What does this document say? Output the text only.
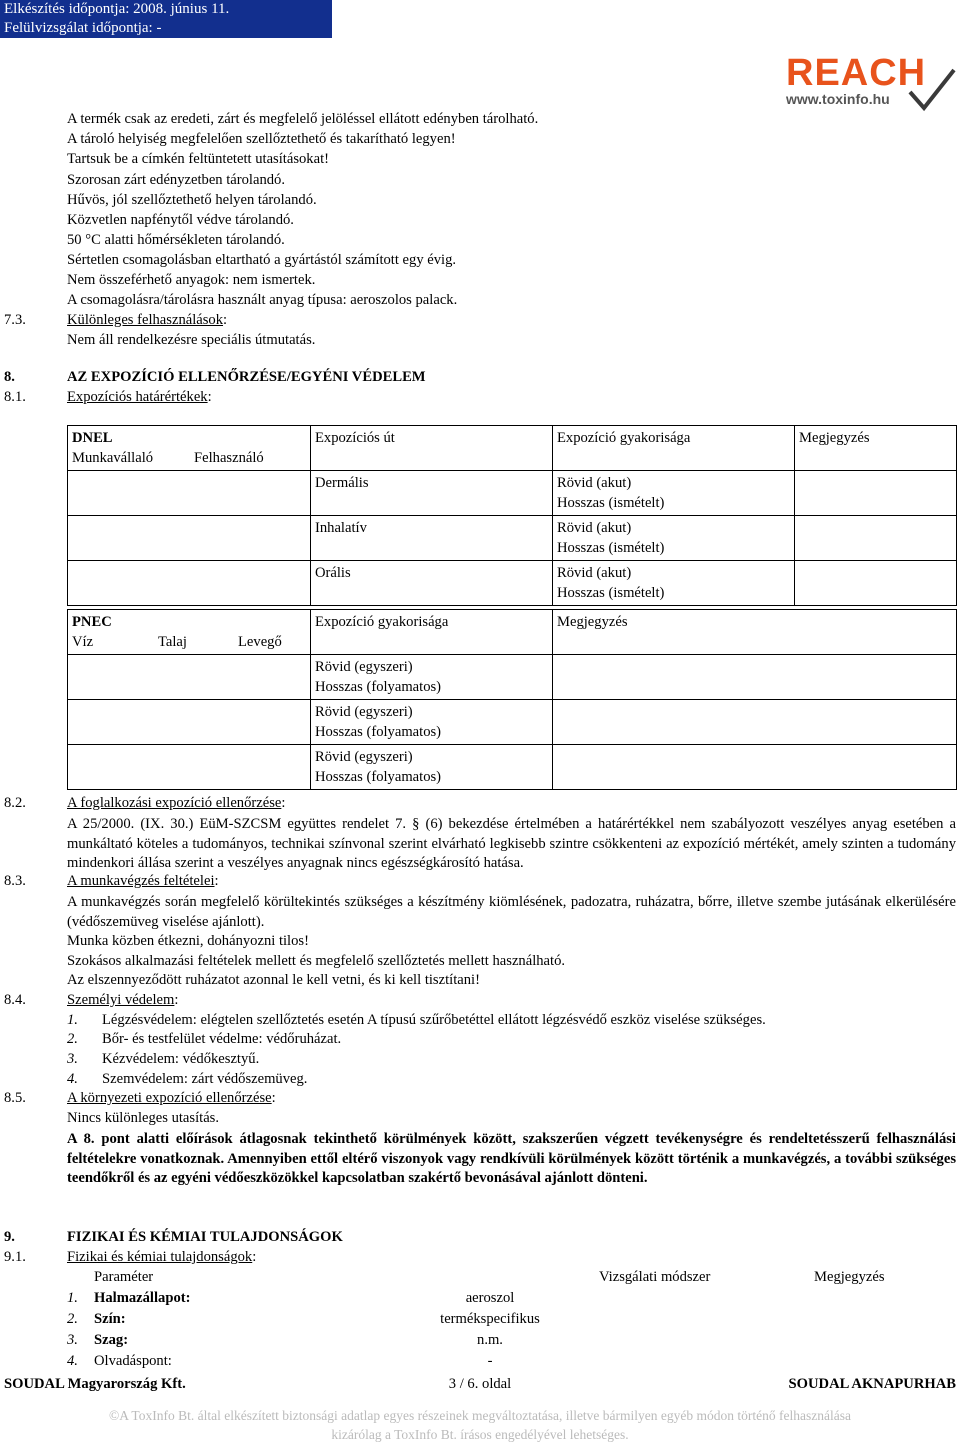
Elkészítés időpontja: 2008. június 11.
Felülvizsgálat időpontja: -
REACH
www.toxinfo.hu
A termék csak az eredeti, zárt és megfelelő jelöléssel ellátott edényben tárolható.
A tároló helyiség megfelelően szellőztethető és takarítható legyen!
Tartsuk be a címkén feltüntetett utasításokat!
Szorosan zárt edényzetben tárolandó.
Hűvös, jól szellőztethető helyen tárolandó.
Közvetlen napfénytől védve tárolandó.
50 °C alatti hőmérsékleten tárolandó.
Sértetlen csomagolásban eltartható a gyártástól számított egy évig.
Nem összeférhető anyagok: nem ismertek.
A csomagolásra/tárolásra használt anyag típusa: aeroszolos palack.
7.3.	Különleges felhasználások:
Nem áll rendelkezésre speciális útmutatás.
8.	AZ EXPOZÍCIÓ ELLENŐRZÉSE/EGYÉNI VÉDELEM
8.1.	Expozíciós határértékek:
DNEL
Munkavállaló Felhasználó	Expozíciós út	Expozíció gyakorisága	Megjegyzés
	Dermális	Rövid (akut)
Hosszas (ismételt)	

	Inhalatív	Rövid (akut)
Hosszas (ismételt)	

	Orális	Rövid (akut)
Hosszas (ismételt)	

PNEC
Víz Talaj Levegő	Expozíció gyakorisága	Megjegyzés

	Rövid (egyszeri)
Hosszas (folyamatos)	

	Rövid (egyszeri)
Hosszas (folyamatos)	

	Rövid (egyszeri)
Hosszas (folyamatos)	

8.2.	A foglalkozási expozíció ellenőrzése:
A 25/2000. (IX. 30.) EüM-SZCSM együttes rendelet 7. § (6) bekezdése értelmében a határértékkel nem szabályozott veszélyes anyag esetében a munkáltató köteles a tudományos, technikai színvonal szerint elvárható legkisebb szintre csökkenteni az expozíció mértékét, amely szinten a tudomány mindenkori állása szerint a veszélyes anyagnak nincs egészségkárosító hatása.
8.3.	A munkavégzés feltételei:
A munkavégzés során megfelelő körültekintés szükséges a készítmény kiömlésének, padozatra, ruházatra, bőrre, illetve szembe jutásának elkerülésére (védőszemüveg viselése ajánlott).
Munka közben étkezni, dohányozni tilos!
Szokásos alkalmazási feltételek mellett és megfelelő szellőztetés mellett használható.
Az elszennyeződött ruházatot azonnal le kell vetni, és ki kell tisztítani!
8.4.	Személyi védelem:
1. Légzésvédelem: elégtelen szellőztetés esetén A típusú szűrőbetéttel ellátott légzésvédő eszköz viselése szükséges.
2. Bőr- és testfelület védelme: védőruházat.
3. Kézvédelem: védőkesztyű.
4. Szemvédelem: zárt védőszemüveg.
8.5.	A környezeti expozíció ellenőrzése:
Nincs különleges utasítás.
A 8. pont alatti előírások átlagosnak tekinthető körülmények között, szakszerűen végzett tevékenységre és rendeltetésszerű felhasználási feltételekre vonatkoznak. Amennyiben ettől eltérő viszonyok vagy rendkívüli körülmények között történik a munkavégzés, a további szükséges teendőkről és az egyéni védőeszközökkel kapcsolatban szakértő bevonásával ajánlott dönteni.
9.	FIZIKAI ÉS KÉMIAI TULAJDONSÁGOK
9.1.	Fizikai és kémiai tulajdonságok:
Paraméter	Vizsgálati módszer	Megjegyzés
1. Halmazállapot:	aeroszol
2. Szín:	termékspecifikus
3. Szag:	n.m.
4. Olvadáspont:	-
SOUDAL Magyarország Kft.	3 / 6. oldal	SOUDAL AKNAPURHAB
©A ToxInfo Bt. által elkészített biztonsági adatlap egyes részeinek megváltoztatása, illetve bármilyen egyéb módon történő felhasználása
kizárólag a ToxInfo Bt. írásos engedélyével lehetséges.
